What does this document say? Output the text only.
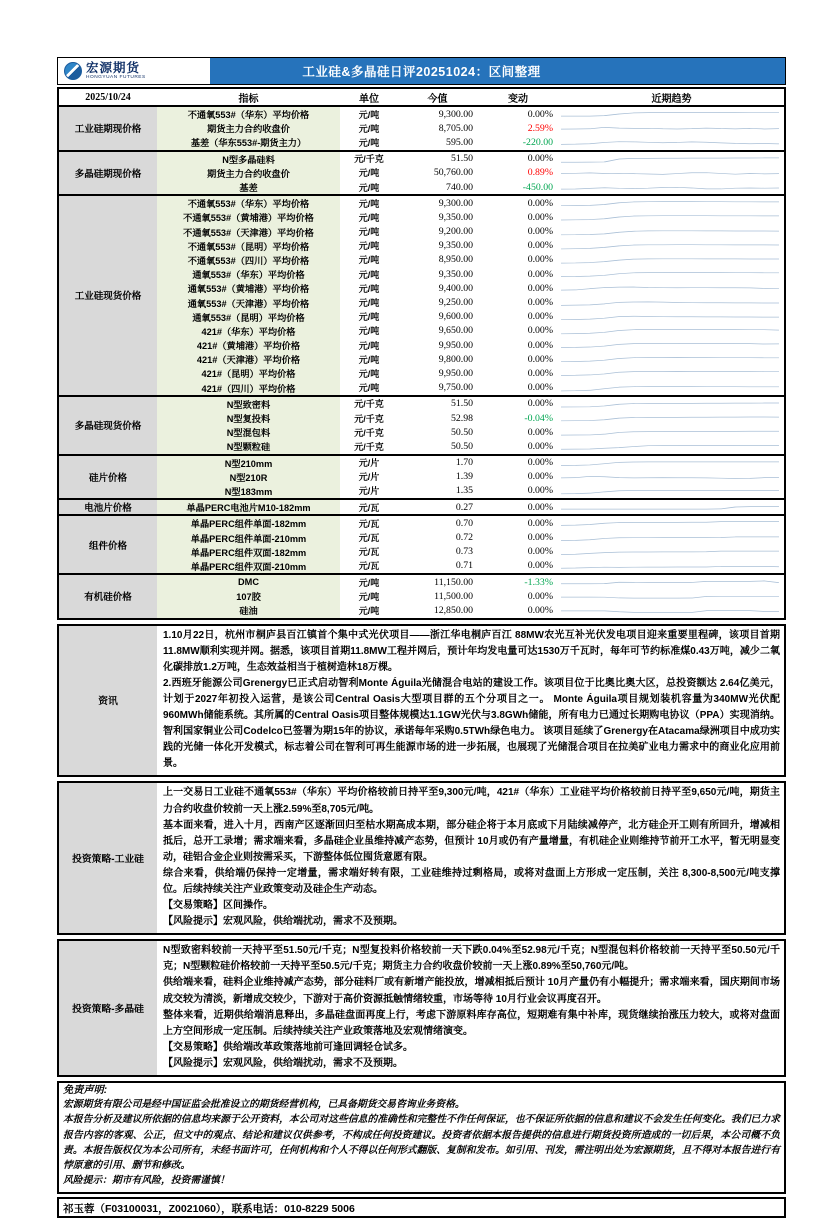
宏源期货
HONGYUAN FUTURES	工业硅&多晶硅日评20251024：区间整理
2025/10/24	指标	单位	今值	变动	近期趋势
工业硅期现价格
不通氧553#（华东）平均价格	元/吨	9,300.00	0.00%
期货主力合约收盘价	元/吨	8,705.00	2.59%
基差（华东553#-期货主力）	元/吨	595.00	-220.00
多晶硅期现价格
N型多晶硅料	元/千克	51.50	0.00%
期货主力合约收盘价	元/吨	50,760.00	0.89%
基差	元/吨	740.00	-450.00
工业硅现货价格
不通氧553#（华东）平均价格	元/吨	9,300.00	0.00%
不通氧553#（黄埔港）平均价格	元/吨	9,350.00	0.00%
不通氧553#（天津港）平均价格	元/吨	9,200.00	0.00%
不通氧553#（昆明）平均价格	元/吨	9,350.00	0.00%
不通氧553#（四川）平均价格	元/吨	8,950.00	0.00%
通氧553#（华东）平均价格	元/吨	9,350.00	0.00%
通氧553#（黄埔港）平均价格	元/吨	9,400.00	0.00%
通氧553#（天津港）平均价格	元/吨	9,250.00	0.00%
通氧553#（昆明）平均价格	元/吨	9,600.00	0.00%
421#（华东）平均价格	元/吨	9,650.00	0.00%
421#（黄埔港）平均价格	元/吨	9,950.00	0.00%
421#（天津港）平均价格	元/吨	9,800.00	0.00%
421#（昆明）平均价格	元/吨	9,950.00	0.00%
421#（四川）平均价格	元/吨	9,750.00	0.00%
多晶硅现货价格
N型致密料	元/千克	51.50	0.00%
N型复投料	元/千克	52.98	-0.04%
N型混包料	元/千克	50.50	0.00%
N型颗粒硅	元/千克	50.50	0.00%
硅片价格
N型210mm	元/片	1.70	0.00%
N型210R	元/片	1.39	0.00%
N型183mm	元/片	1.35	0.00%
电池片价格	单晶PERC电池片M10-182mm	元/瓦	0.27	0.00%
组件价格
单晶PERC组件单面-182mm	元/瓦	0.70	0.00%
单晶PERC组件单面-210mm	元/瓦	0.72	0.00%
单晶PERC组件双面-182mm	元/瓦	0.73	0.00%
单晶PERC组件双面-210mm	元/瓦	0.71	0.00%
有机硅价格
DMC	元/吨	11,150.00	-1.33%
107胶	元/吨	11,500.00	0.00%
硅油	元/吨	12,850.00	0.00%
资讯

1.10月22日，杭州市桐庐县百江镇首个集中式光伏项目——浙江华电桐庐百江 88MW农光互补光伏发电项目迎来重要里程碑，该项目首期11.8MW顺利实现并网。据悉，该项目首期11.8MW工程并网后，预计年均发电量可达1530万千瓦时，每年可节约标准煤0.43万吨，减少二氧化碳排放1.2万吨，生态效益相当于植树造林18万棵。

2.西班牙能源公司Grenergy已正式启动智利Monte Águila光储混合电站的建设工作。该项目位于比奥比奥大区，总投资额达 2.64亿美元，计划于2027年初投入运营，是该公司Central Oasis大型项目群的五个分项目之一。 Monte Águila项目规划装机容量为340MW光伏配960MWh储能系统。其所属的Central Oasis项目整体规模达1.1GW光伏与3.8GWh储能，所有电力已通过长期购电协议（PPA）实现消纳。智利国家铜业公司Codelco已签署为期15年的协议，承诺每年采购0.5TWh绿色电力。 该项目延续了Grenergy在Atacama绿洲项目中成功实践的光储一体化开发模式，标志着公司在智利可再生能源市场的进一步拓展，也展现了光储混合项目在拉美矿业电力需求中的商业化应用前景。

投资策略-工业硅

上一交易日工业硅不通氧553#（华东）平均价格较前日持平至9,300元/吨，421#（华东）工业硅平均价格较前日持平至9,650元/吨，期货主力合约收盘价较前一天上涨2.59%至8,705元/吨。

基本面来看，进入十月，西南产区逐渐回归至枯水期高成本期，部分硅企将于本月底或下月陆续减停产，北方硅企开工则有所回升，增减相抵后，总开工录增；需求端来看，多晶硅企业虽维持减产态势，但预计 10月或仍有产量增量，有机硅企业则维持节前开工水平，暂无明显变动，硅铝合金企业则按需采买，下游整体低位囤货意愿有限。

综合来看，供给端仍保持一定增量，需求端好转有限，工业硅维持过剩格局，或将对盘面上方形成一定压制，关注 8,300-8,500元/吨支撑位。后续持续关注产业政策变动及硅企生产动态。

【交易策略】区间操作。

【风险提示】宏观风险，供给端扰动，需求不及预期。

投资策略-多晶硅

N型致密料较前一天持平至51.50元/千克；N型复投料价格较前一天下跌0.04%至52.98元/千克；N型混包料价格较前一天持平至50.50元/千克；N型颗粒硅价格较前一天持平至50.5元/千克；期货主力合约收盘价较前一天上涨0.89%至50,760元/吨。

供给端来看，硅料企业维持减产态势，部分硅料厂或有新增产能投放，增减相抵后预计 10月产量仍有小幅提升；需求端来看，国庆期间市场成交较为清淡，新增成交较少，下游对于高价资源抵触情绪较重，市场等待 10月行业会议再度召开。

整体来看，近期供给端消息释出，多晶硅盘面再度上行，考虑下游原料库存高位，短期难有集中补库，现货继续抬涨压力较大，或将对盘面上方空间形成一定压制。后续持续关注产业政策落地及宏观情绪演变。

【交易策略】供给端改革政策落地前可逢回调轻仓试多。

【风险提示】宏观风险，供给端扰动，需求不及预期。

免责声明:

宏源期货有限公司是经中国证监会批准设立的期货经营机构，已具备期货交易咨询业务资格。

本报告分析及建议所依据的信息均来源于公开资料，本公司对这些信息的准确性和完整性不作任何保证，也不保证所依据的信息和建议不会发生任何变化。我们已力求报告内容的客观、公正，但文中的观点、结论和建议仅供参考，不构成任何投资建议。投资者依据本报告提供的信息进行期货投资所造成的一切后果，本公司概不负责。本报告版权仅为本公司所有，未经书面许可，任何机构和个人不得以任何形式翻版、复制和发布。如引用、刊发，需注明出处为宏源期货，且不得对本报告进行有悖原意的引用、删节和修改。

风险提示：期市有风险，投资需谨慎！

祁玉蓉（F03100031，Z0021060），联系电话：010-8229 5006
